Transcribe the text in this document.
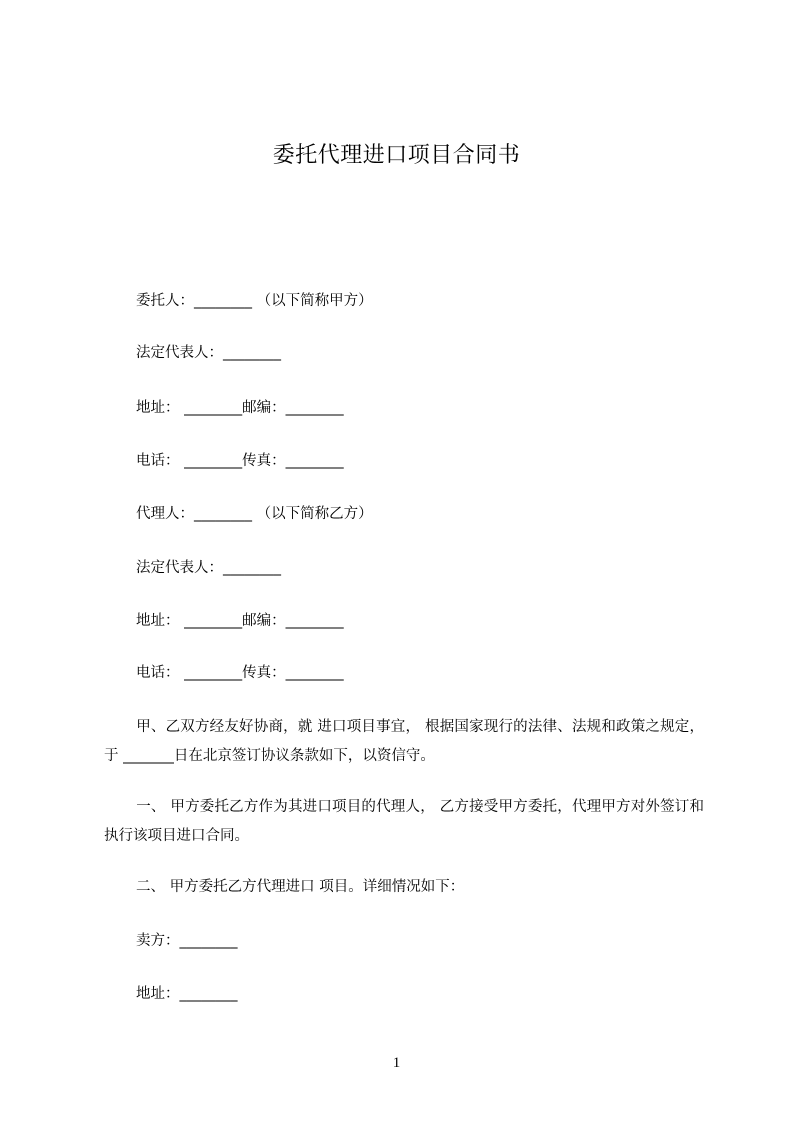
委托代理进口项目合同书
委托人：________ （以下简称甲方）
法定代表人：________
地址： ________邮编：________
电话： ________传真：________
代理人：________ （以下简称乙方）
法定代表人：________
地址： ________邮编：________
电话： ________传真：________
甲、乙双方经友好协商，就 进口项目事宜， 根据国家现行的法律、法规和政策之规定，于 _______日在北京签订协议条款如下，以资信守。
一、 甲方委托乙方作为其进口项目的代理人， 乙方接受甲方委托，代理甲方对外签订和执行该项目进口合同。
二、 甲方委托乙方代理进口 项目。详细情况如下：
卖方：________
地址：________
1
